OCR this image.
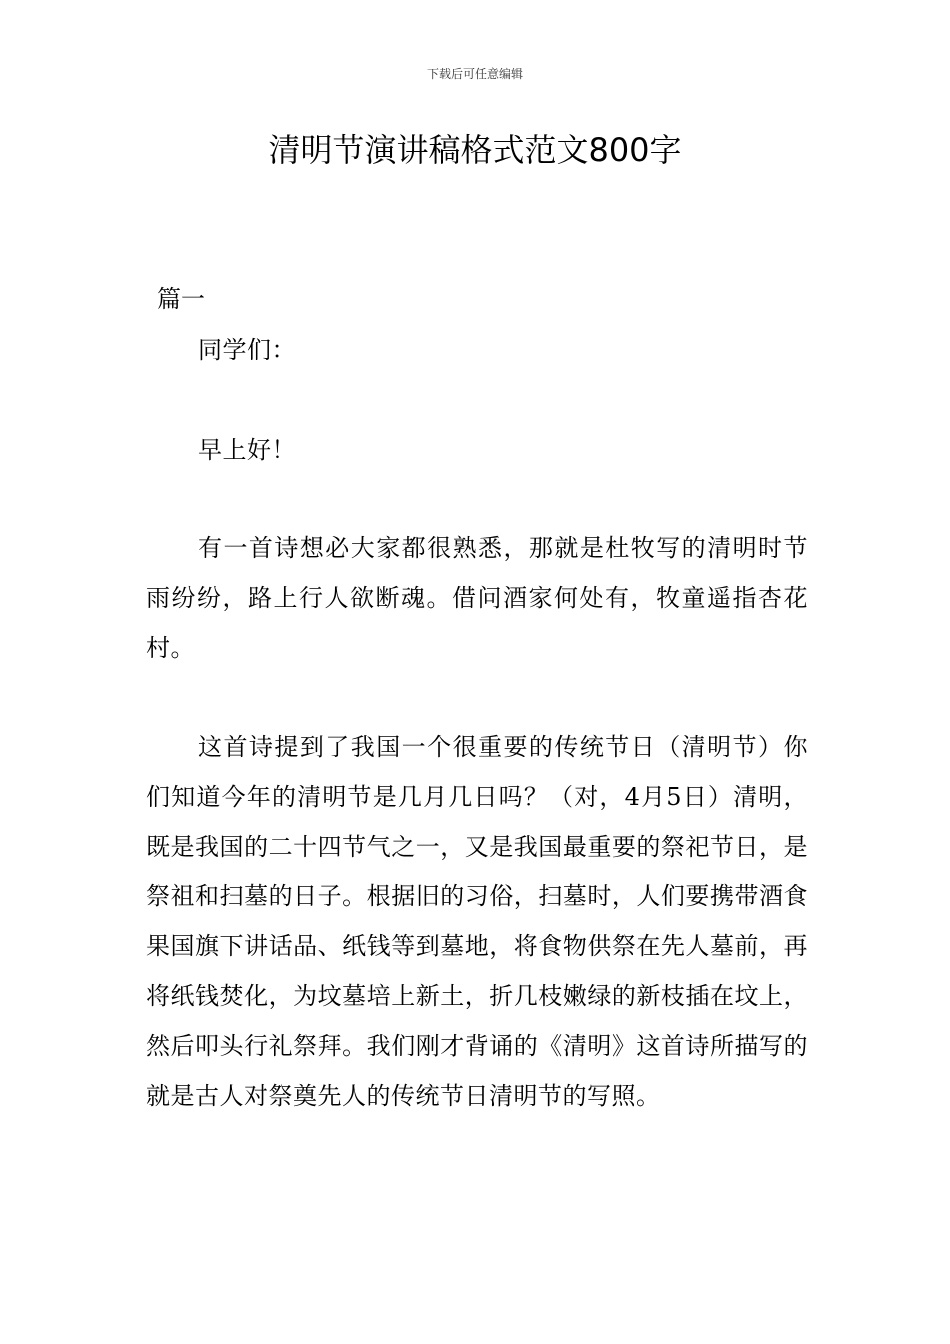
下载后可任意编辑
清明节演讲稿格式范文800字
篇一

同学们：

早上好！

有一首诗想必大家都很熟悉，那就是杜牧写的清明时节雨纷纷，路上行人欲断魂。借问酒家何处有，牧童遥指杏花村。

这首诗提到了我国一个很重要的传统节日（清明节）你们知道今年的清明节是几月几日吗？（对，4月5日）清明，既是我国的二十四节气之一，又是我国最重要的祭祀节日，是祭祖和扫墓的日子。根据旧的习俗，扫墓时，人们要携带酒食果国旗下讲话品、纸钱等到墓地，将食物供祭在先人墓前，再将纸钱焚化，为坟墓培上新土，折几枝嫩绿的新枝插在坟上，然后叩头行礼祭拜。我们刚才背诵的《清明》这首诗所描写的就是古人对祭奠先人的传统节日清明节的写照。
